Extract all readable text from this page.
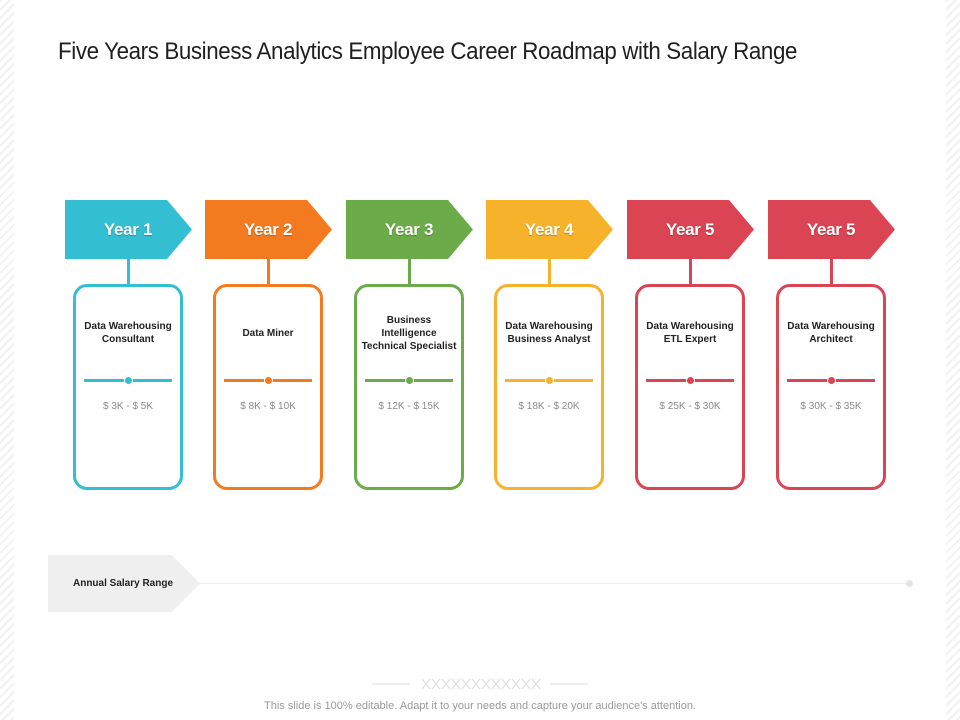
Five Years Business Analytics Employee Career Roadmap with Salary Range
Year 1
Data Warehousing Consultant
$ 3K - $ 5K
Year 2
Data Miner
$ 8K - $ 10K
Year 3
Business Intelligence Technical Specialist
$ 12K - $ 15K
Year 4
Data Warehousing Business Analyst
$ 18K - $ 20K
Year 5
Data Warehousing ETL Expert
$ 25K - $ 30K
Year 5
Data Warehousing Architect
$ 30K - $ 35K
Annual Salary Range
This slide is 100% editable. Adapt it to your needs and capture your audience's attention.
